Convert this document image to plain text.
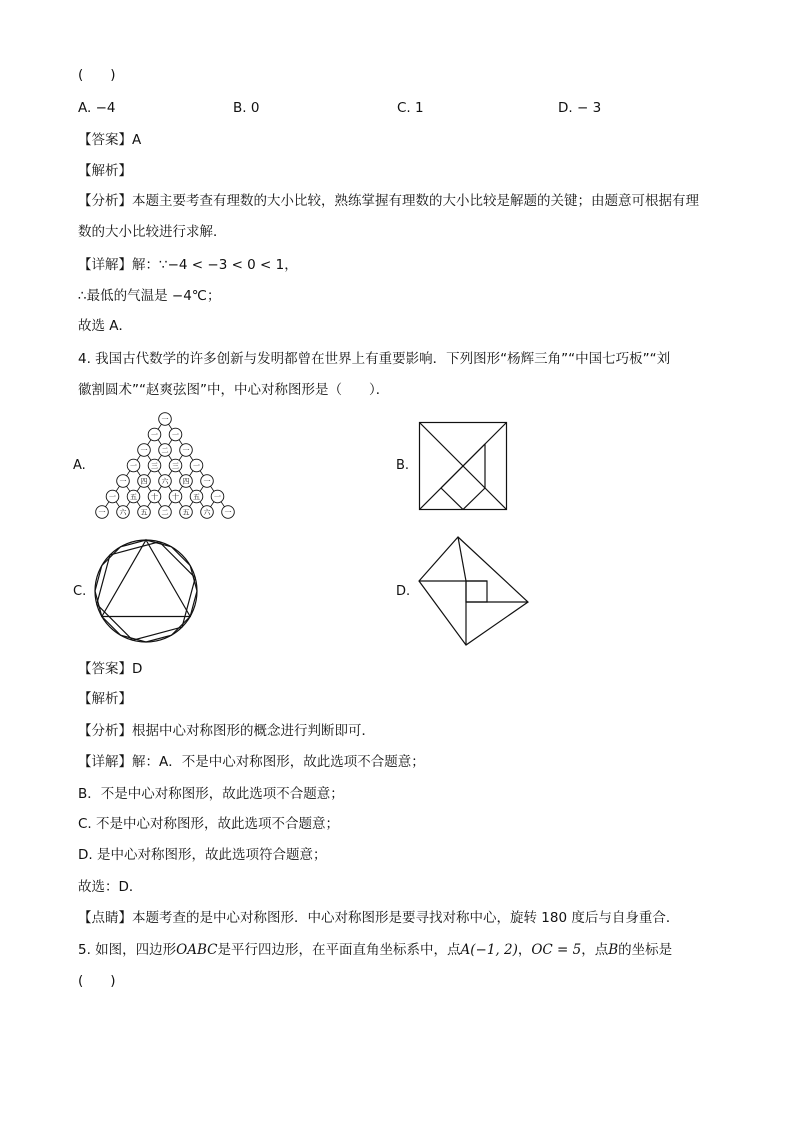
(　　)
A. −4	B. 0	C. 1	D. − 3
【答案】A
【解析】
【分析】本题主要考查有理数的大小比较，熟练掌握有理数的大小比较是解题的关键；由题意可根据有理
数的大小比较进行求解．
【详解】解：∵−4 < −3 < 0 < 1，
∴最低的气温是 −4℃；
故选 A．
4. 我国古代数学的许多创新与发明都曾在世界上有重要影响．下列图形“杨辉三角”“中国七巧板”“刘
徽割圆术”“赵爽弦图”中，中心对称图形是（　　）．
A.	B.
C.	D.
一
一 一
一 二 一
一 三 三 一
一 四 六 四 一
一 五 十 十 五 一
一 六 五 二 五 六 一
【答案】D
【解析】
【分析】根据中心对称图形的概念进行判断即可．
【详解】解：A．不是中心对称图形，故此选项不合题意；
B．不是中心对称图形，故此选项不合题意；
C. 不是中心对称图形，故此选项不合题意；
D. 是中心对称图形，故此选项符合题意；
故选：D．
【点睛】本题考查的是中心对称图形．中心对称图形是要寻找对称中心，旋转 180 度后与自身重合．
5. 如图，四边形OABC是平行四边形，在平面直角坐标系中，点A(−1, 2)，OC = 5，点B的坐标是
(　　)
